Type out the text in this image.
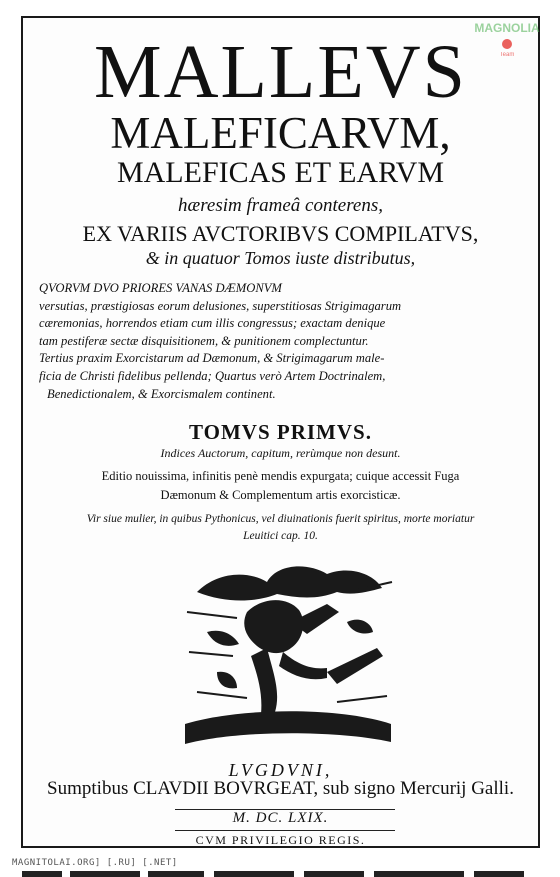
MALLEVS
MALEFICARVM,
MALEFICAS ET EARVM
hæresim frameâ conterens,
EX VARIIS AVCTORIBVS COMPILATVS,
& in quatuor Tomos iuste distributus,
QVORVM DVO PRIORES VANAS DÆMONVM
versutias, præstigiosas eorum delusiones, superstitiosas Strigimagarum
cæremonias, horrendos etiam cum illis congressus; exactam denique
tam pestiferæ sectæ disquisitionem, & punitionem complectuntur.
Tertius praxim Exorcistarum ad Dæmonum, & Strigimagarum male-
ficia de Christi fidelibus pellenda; Quartus verò Artem Doctrinalem,
Benedictionalem, & Exorcismalem continent.
TOMVS PRIMVS.
Indices Auctorum, capitum, rerùmque non desunt.
Editio nouissima, infinitis penè mendis expurgata; cuique accessit Fuga
Dæmonum & Complementum artis exorcisticæ.
Vir siue mulier, in quibus Pythonicus, vel diuinationis fuerit spiritus, morte moriatur
Leuitici cap. 10.
LVGDVNI,
Sumptibus CLAVDII BOVRGEAT, sub signo Mercurij Galli.
M. DC. LXIX.
CVM PRIVILEGIO REGIS.
MAGNOLIA
Team
MAGNITOLAI.ORG] [.RU] [.NET]
